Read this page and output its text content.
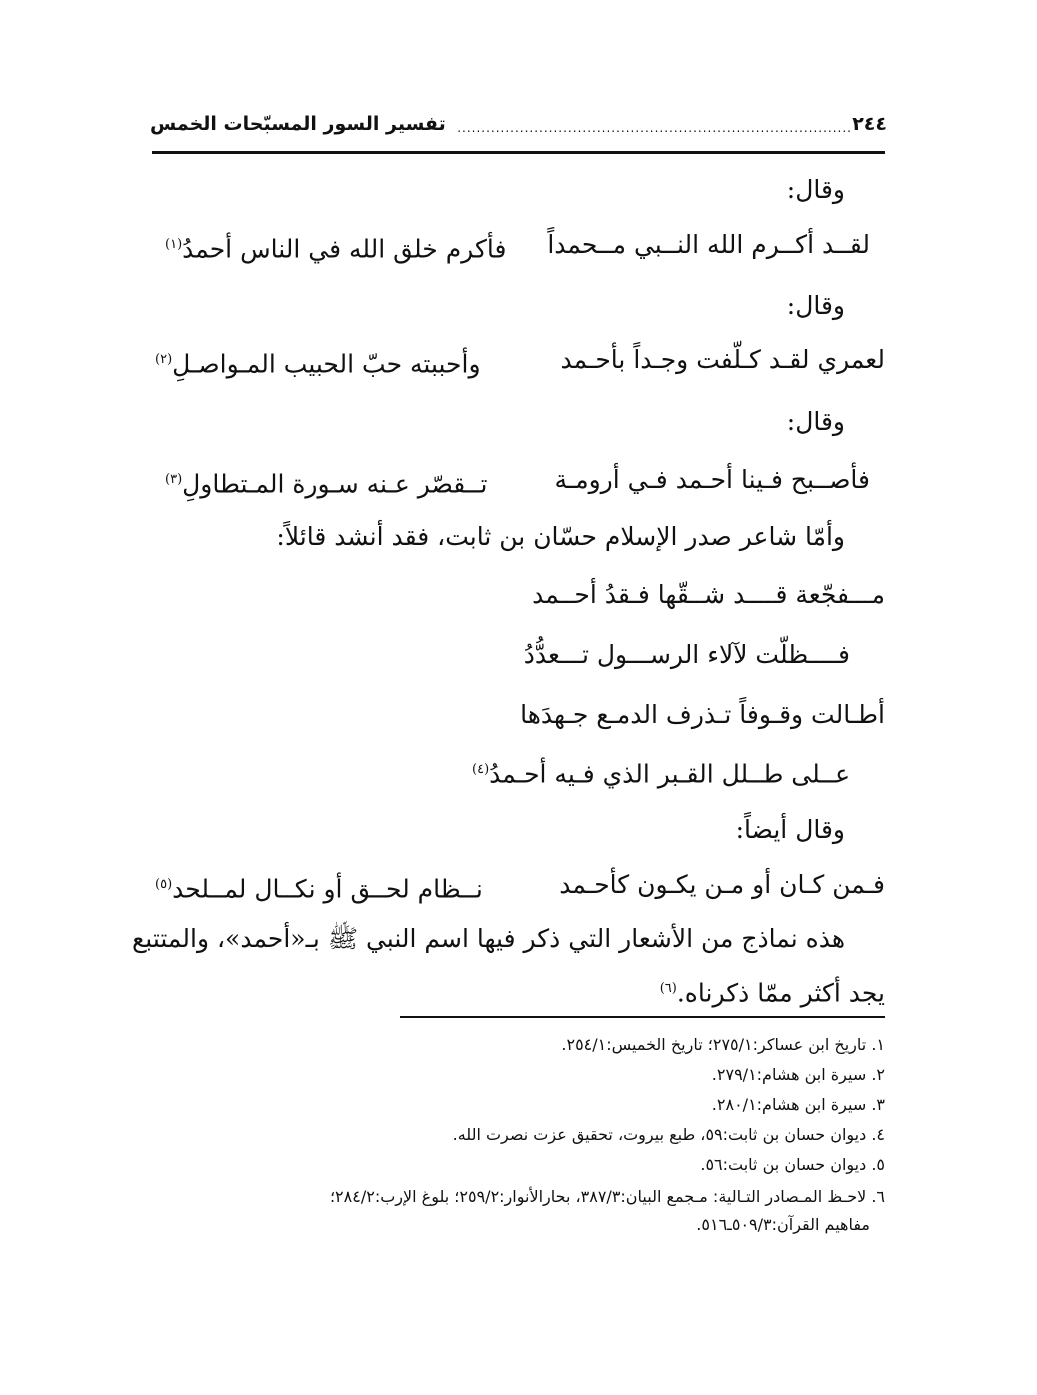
٢٤٤
..................................................................................
تفسير السور المسبّحات الخمس
وقال:
لقــد أكــرم الله النــبي مــحمداً
فأكرم خلق الله في الناس أحمدُ$^{(١)}$
وقال:
لعمري لقـد كـلّفت وجـداً بأحـمد
وأحببته حبّ الحبيب المـواصـلِ$^{(٢)}$
وقال:
فأصــبح فـينا أحـمد فـي أرومـة
تــقصّر عـنه سـورة المـتطاولِ$^{(٣)}$
وأمّا شاعر صدر الإسلام حسّان بن ثابت، فقد أنشد قائلاً:
مـــفجّعة قــــد شــقّها فـقدُ أحــمد
فــــظلّت لآلاء الرســـول تـــعدُّدُ
أطـالت وقـوفاً تـذرف الدمـع جـهدَها
عــلى طــلل القـبر الذي فـيه أحـمدُ$^{(٤)}$
وقال أيضاً:
فـمن كـان أو مـن يكـون كأحـمد
نــظام لحــق أو نكــال لمــلحد$^{(٥)}$
هذه نماذج من الأشعار التي ذكر فيها اسم النبي ﷺ بـ«أحمد»، والمتتبع
يجد أكثر ممّا ذكرناه.$^{(٦)}$
١. تاريخ ابن عساكر:٢٧٥/١؛ تاريخ الخميس:٢٥٤/١.
٢. سيرة ابن هشام:٢٧٩/١.
٣. سيرة ابن هشام:٢٨٠/١.
٤. ديوان حسان بن ثابت:٥٩، طبع بيروت، تحقيق عزت نصرت الله.
٥. ديوان حسان بن ثابت:٥٦.
٦. لاحـظ المـصادر التـالية: مـجمع البيان:٣٨٧/٣، بحارالأنوار:٢٥٩/٢؛ بلوغ الإرب:٢٨٤/٢؛
مفاهيم القرآن:٥٠٩/٣ـ٥١٦.
